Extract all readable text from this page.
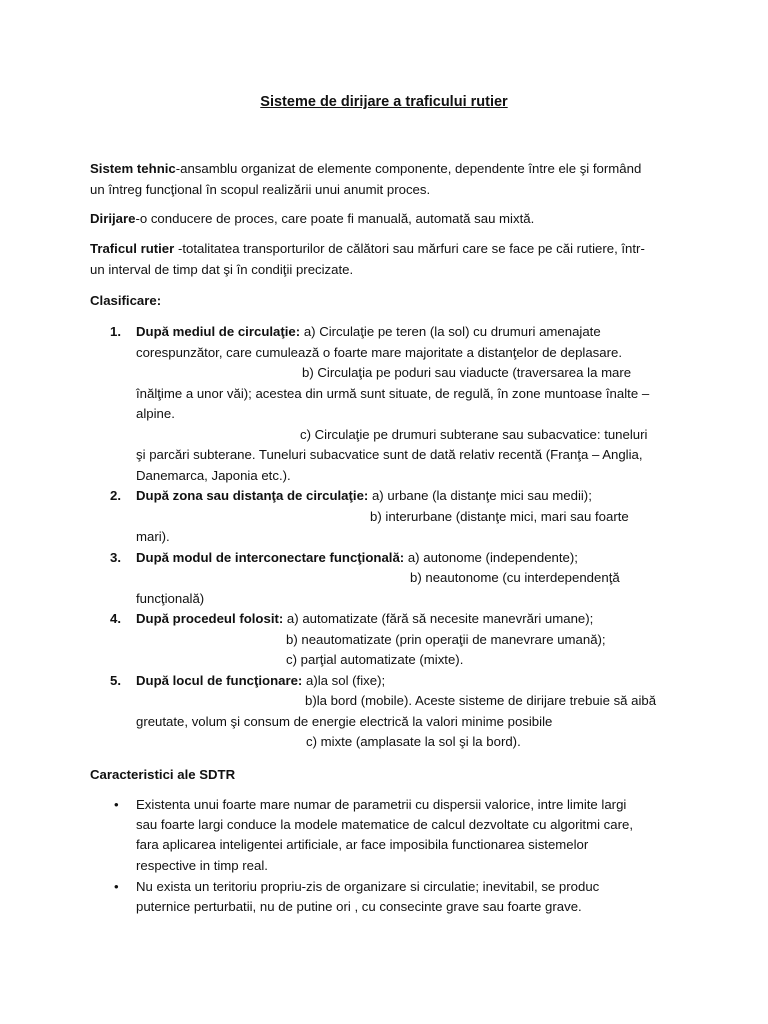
Sisteme de dirijare a traficului rutier
Sistem tehnic-ansamblu organizat de elemente componente, dependente între ele şi formând
un întreg funcţional în scopul realizării unui anumit proces.
Dirijare-o conducere de proces, care poate fi manuală, automată sau mixtă.
Traficul rutier -totalitatea transporturilor de călători sau mărfuri care se face pe căi rutiere, într-
un interval de timp dat şi în condiţii precizate.
Clasificare:
1. După mediul de circulaţie: a) Circulaţie pe teren (la sol) cu drumuri amenajate
corespunzător, care cumulează o foarte mare majoritate a distanţelor de deplasare.
b) Circulaţia pe poduri sau viaducte (traversarea la mare
înălţime a unor văi); acestea din urmă sunt situate, de regulă, în zone muntoase înalte –
alpine.
c) Circulaţie pe drumuri subterane sau subacvatice: tuneluri
şi parcări subterane. Tuneluri subacvatice sunt de dată relativ recentă (Franţa – Anglia,
Danemarca, Japonia etc.).
2. După zona sau distanţa de circulaţie: a) urbane (la distanţe mici sau medii);
b) interurbane (distanţe mici, mari sau foarte
mari).
3. După modul de interconectare funcţională: a) autonome (independente);
b) neautonome (cu interdependenţă
funcţională)
4. După procedeul folosit: a) automatizate (fără să necesite manevrări umane);
b) neautomatizate (prin operaţii de manevrare umană);
c) parţial automatizate (mixte).
5. După locul de funcţionare: a)la sol (fixe);
b)la bord (mobile). Aceste sisteme de dirijare trebuie să aibă
greutate, volum şi consum de energie electrică la valori minime posibile
c) mixte (amplasate la sol şi la bord).
Caracteristici ale SDTR
• Existenta unui foarte mare numar de parametrii cu dispersii valorice, intre limite largi
sau foarte largi conduce la modele matematice de calcul dezvoltate cu algoritmi care,
fara aplicarea inteligentei artificiale, ar face imposibila functionarea sistemelor
respective in timp real.
• Nu exista un teritoriu propriu-zis de organizare si circulatie; inevitabil, se produc
puternice perturbatii, nu de putine ori , cu consecinte grave sau foarte grave.
